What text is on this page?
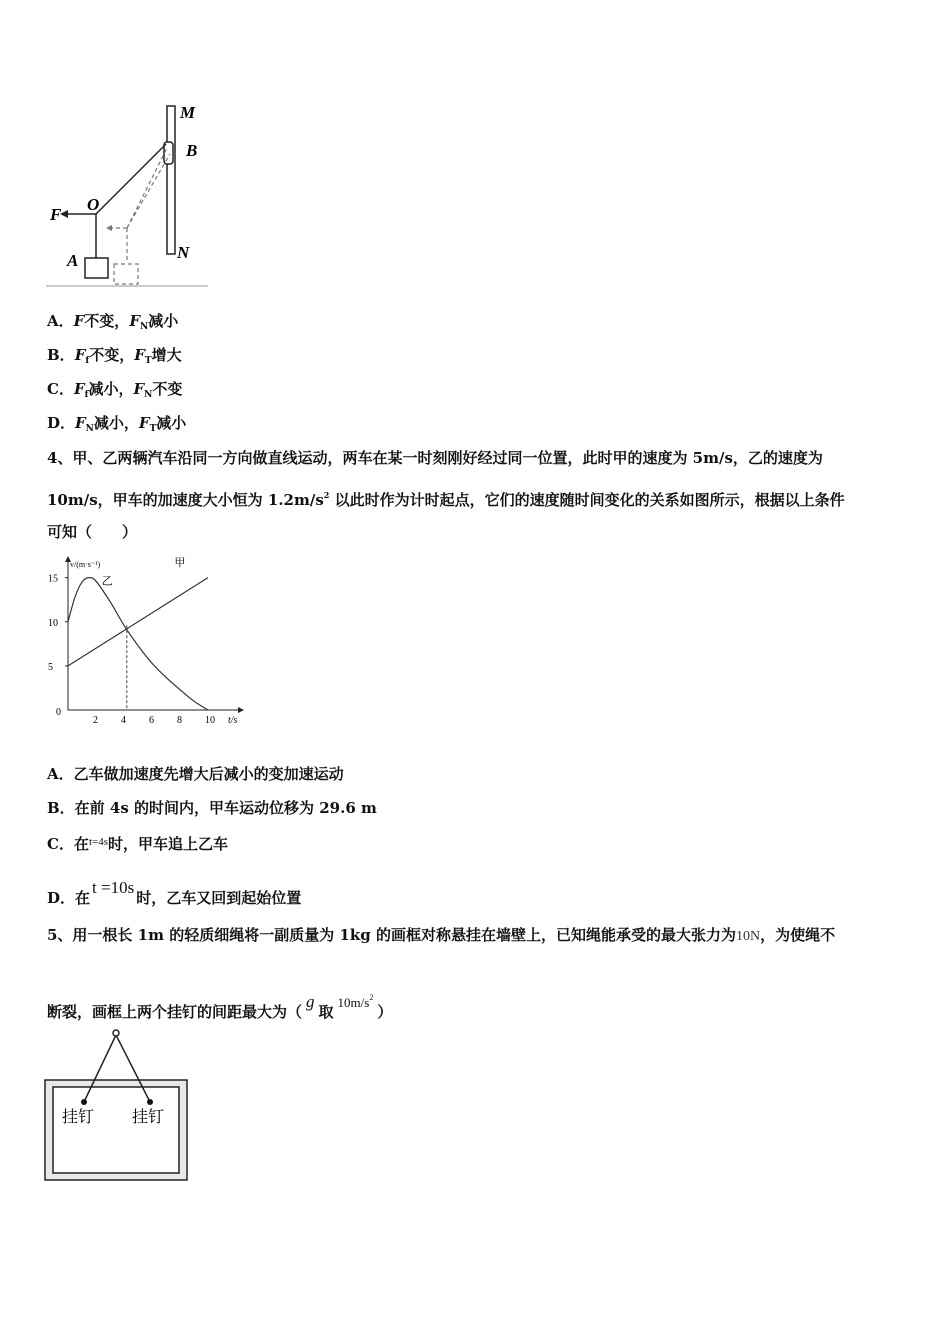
M
B
O
F
A	N
A．F不变，$F_N$减小
B．$F_f$不变，$F_T$增大
C．$F_f$减小，$F_N$不变
D．$F_N$减小，$F_T$减小
4、甲、乙两辆汽车沿同一方向做直线运动，两车在某一时刻刚好经过同一位置，此时甲的速度为 5m/s，乙的速度为
10m/s，甲车的加速度大小恒为 $1.2m/s^2$ 以此时作为计时起点，它们的速度随时间变化的关系如图所示，根据以上条件
可知（　　）
v/(m·s⁻¹)
t/s
0
2 4 6 8 10
5
10
15
甲
乙
A．乙车做加速度先增大后减小的变加速运动
B．在前 4s 的时间内，甲车运动位移为 29.6 m
C．在$^{t=4s}$时，甲车追上乙车
D．在t =10s时，乙车又回到起始位置
5、用一根长 1m 的轻质细绳将一副质量为 1kg 的画框对称悬挂在墙壁上，已知绳能承受的最大张力为10N，为使绳不
断裂，画框上两个挂钉的间距最大为（g取$10m/s^2$）
挂钉 挂钉
